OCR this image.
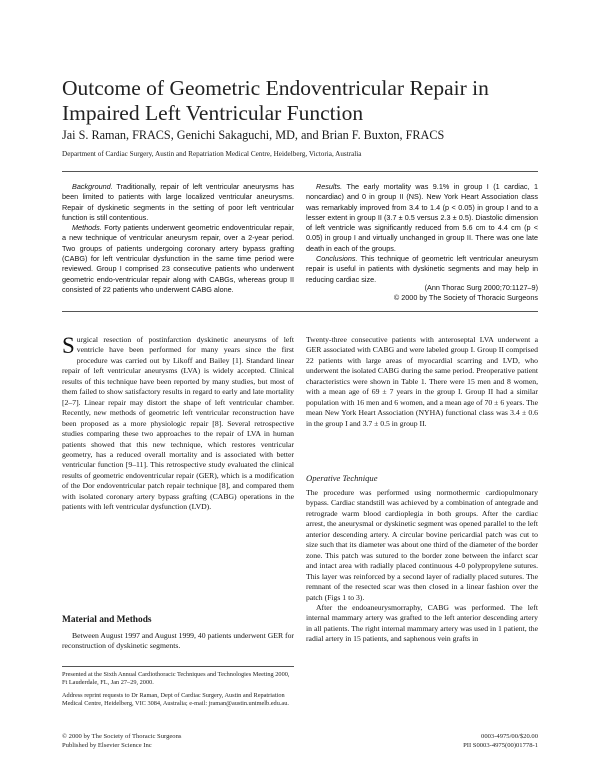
Outcome of Geometric Endoventricular Repair in
Impaired Left Ventricular Function
Jai S. Raman, FRACS, Genichi Sakaguchi, MD, and Brian F. Buxton, FRACS
Department of Cardiac Surgery, Austin and Repatriation Medical Centre, Heidelberg, Victoria, Australia

Background. Traditionally, repair of left ventricular aneurysms has been limited to patients with large localized ventricular aneurysms. Repair of dyskinetic segments in the setting of poor left ventricular function is still contentious.

Methods. Forty patients underwent geometric endoventricular repair, a new technique of ventricular aneurysm repair, over a 2-year period. Two groups of patients undergoing coronary artery bypass grafting (CABG) for left ventricular dysfunction in the same time period were reviewed. Group I comprised 23 consecutive patients who underwent geometric endo-ventricular repair along with CABGs, whereas group II consisted of 22 patients who underwent CABG alone.

Results. The early mortality was 9.1% in group I (1 cardiac, 1 noncardiac) and 0 in group II (NS). New York Heart Association class was remarkably improved from 3.4 to 1.4 (p < 0.05) in group I and to a lesser extent in group II (3.7 ± 0.5 versus 2.3 ± 0.5). Diastolic dimension of left ventricle was significantly reduced from 5.6 cm to 4.4 cm (p < 0.05) in group I and virtually unchanged in group II. There was one late death in each of the groups.

Conclusions. This technique of geometric left ventricular aneurysm repair is useful in patients with dyskinetic segments and may help in reducing cardiac size.

(Ann Thorac Surg 2000;70:1127–9)
© 2000 by The Society of Thoracic Surgeons

Surgical resection of postinfarction dyskinetic aneurysms of left ventricle have been performed for many years since the first procedure was carried out by Likoff and Bailey [1]. Standard linear repair of left ventricular aneurysms (LVA) is widely accepted. Clinical results of this technique have been reported by many studies, but most of them failed to show satisfactory results in regard to early and late mortality [2–7]. Linear repair may distort the shape of left ventricular chamber. Recently, new methods of geometric left ventricular reconstruction have been proposed as a more physiologic repair [8]. Several retrospective studies comparing these two approaches to the repair of LVA in human patients showed that this new technique, which restores ventricular geometry, has a reduced overall mortality and is associated with better ventricular function [9–11]. This retrospective study evaluated the clinical results of geometric endoventricular repair (GER), which is a modification of the Dor endoventricular patch repair technique [8], and compared them with isolated coronary artery bypass grafting (CABG) operations in the patients with left ventricular dysfunction (LVD).

Material and Methods

Between August 1997 and August 1999, 40 patients underwent GER for reconstruction of dyskinetic segments.

Presented at the Sixth Annual Cardiothoracic Techniques and Technologies Meeting 2000, Ft Lauderdale, FL, Jan 27–29, 2000.
Address reprint requests to Dr Raman, Dept of Cardiac Surgery, Austin and Repatriation Medical Centre, Heidelberg, VIC 3084, Australia; e-mail: jraman@austin.unimelb.edu.au.

Twenty-three consecutive patients with anteroseptal LVA underwent a GER associated with CABG and were labeled group I. Group II comprised 22 patients with large areas of myocardial scarring and LVD, who underwent the isolated CABG during the same period. Preoperative patient characteristics were shown in Table 1. There were 15 men and 8 women, with a mean age of 69 ± 7 years in the group I. Group II had a similar population with 16 men and 6 women, and a mean age of 70 ± 6 years. The mean New York Heart Association (NYHA) functional class was 3.4 ± 0.6 in the group I and 3.7 ± 0.5 in group II.

Operative Technique

The procedure was performed using normothermic cardiopulmonary bypass. Cardiac standstill was achieved by a combination of antegrade and retrograde warm blood cardioplegia in both groups. After the cardiac arrest, the aneurysmal or dyskinetic segment was opened parallel to the left anterior descending artery. A circular bovine pericardial patch was cut to size such that its diameter was about one third of the diameter of the border zone. This patch was sutured to the border zone between the infarct scar and intact area with radially placed continuous 4-0 polypropylene sutures. This layer was reinforced by a second layer of radially placed sutures. The remnant of the resected scar was then closed in a linear fashion over the patch (Figs 1 to 3).

After the endoaneurysmorraphy, CABG was performed. The left internal mammary artery was grafted to the left anterior descending artery in all patients. The right internal mammary artery was used in 1 patient, the radial artery in 15 patients, and saphenous vein grafts in

© 2000 by The Society of Thoracic Surgeons
Published by Elsevier Science Inc
0003-4975/00/$20.00
PII S0003-4975(00)01778-1
